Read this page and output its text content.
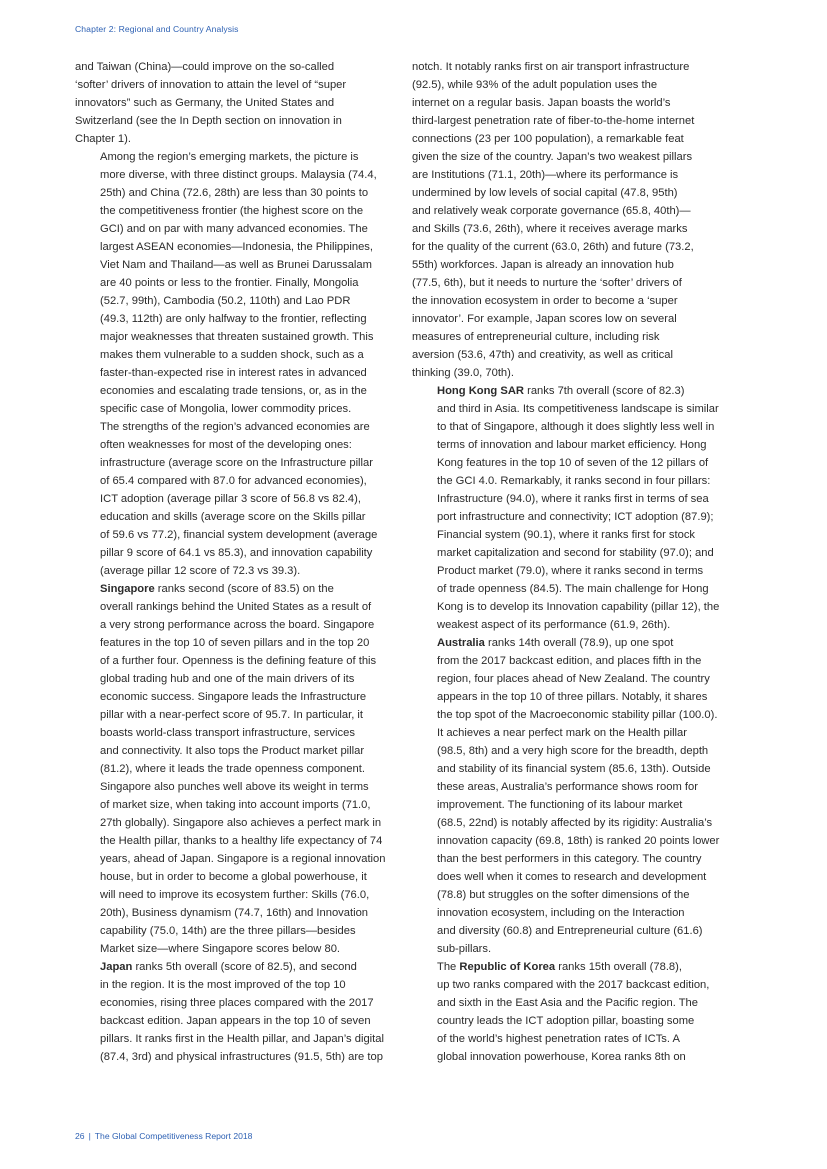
Chapter 2: Regional and Country Analysis

and Taiwan (China)—could improve on the so-called
‘softer’ drivers of innovation to attain the level of “super
innovators” such as Germany, the United States and
Switzerland (see the In Depth section on innovation in
Chapter 1).

Among the region’s emerging markets, the picture is
more diverse, with three distinct groups. Malaysia (74.4,
25th) and China (72.6, 28th) are less than 30 points to
the competitiveness frontier (the highest score on the
GCI) and on par with many advanced economies. The
largest ASEAN economies—Indonesia, the Philippines,
Viet Nam and Thailand—as well as Brunei Darussalam
are 40 points or less to the frontier. Finally, Mongolia
(52.7, 99th), Cambodia (50.2, 110th) and Lao PDR
(49.3, 112th) are only halfway to the frontier, reflecting
major weaknesses that threaten sustained growth. This
makes them vulnerable to a sudden shock, such as a
faster-than-expected rise in interest rates in advanced
economies and escalating trade tensions, or, as in the
specific case of Mongolia, lower commodity prices.
The strengths of the region’s advanced economies are
often weaknesses for most of the developing ones:
infrastructure (average score on the Infrastructure pillar
of 65.4 compared with 87.0 for advanced economies),
ICT adoption (average pillar 3 score of 56.8 vs 82.4),
education and skills (average score on the Skills pillar
of 59.6 vs 77.2), financial system development (average
pillar 9 score of 64.1 vs 85.3), and innovation capability
(average pillar 12 score of 72.3 vs 39.3).

Singapore ranks second (score of 83.5) on the
overall rankings behind the United States as a result of
a very strong performance across the board. Singapore
features in the top 10 of seven pillars and in the top 20
of a further four. Openness is the defining feature of this
global trading hub and one of the main drivers of its
economic success. Singapore leads the Infrastructure
pillar with a near-perfect score of 95.7. In particular, it
boasts world-class transport infrastructure, services
and connectivity. It also tops the Product market pillar
(81.2), where it leads the trade openness component.
Singapore also punches well above its weight in terms
of market size, when taking into account imports (71.0,
27th globally). Singapore also achieves a perfect mark in
the Health pillar, thanks to a healthy life expectancy of 74
years, ahead of Japan. Singapore is a regional innovation
house, but in order to become a global powerhouse, it
will need to improve its ecosystem further: Skills (76.0,
20th), Business dynamism (74.7, 16th) and Innovation
capability (75.0, 14th) are the three pillars—besides
Market size—where Singapore scores below 80.

Japan ranks 5th overall (score of 82.5), and second
in the region. It is the most improved of the top 10
economies, rising three places compared with the 2017
backcast edition. Japan appears in the top 10 of seven
pillars. It ranks first in the Health pillar, and Japan’s digital
(87.4, 3rd) and physical infrastructures (91.5, 5th) are top

notch. It notably ranks first on air transport infrastructure
(92.5), while 93% of the adult population uses the
internet on a regular basis. Japan boasts the world’s
third-largest penetration rate of fiber-to-the-home internet
connections (23 per 100 population), a remarkable feat
given the size of the country. Japan’s two weakest pillars
are Institutions (71.1, 20th)—where its performance is
undermined by low levels of social capital (47.8, 95th)
and relatively weak corporate governance (65.8, 40th)—
and Skills (73.6, 26th), where it receives average marks
for the quality of the current (63.0, 26th) and future (73.2,
55th) workforces. Japan is already an innovation hub
(77.5, 6th), but it needs to nurture the ‘softer’ drivers of
the innovation ecosystem in order to become a ‘super
innovator’. For example, Japan scores low on several
measures of entrepreneurial culture, including risk
aversion (53.6, 47th) and creativity, as well as critical
thinking (39.0, 70th).

Hong Kong SAR ranks 7th overall (score of 82.3)
and third in Asia. Its competitiveness landscape is similar
to that of Singapore, although it does slightly less well in
terms of innovation and labour market efficiency. Hong
Kong features in the top 10 of seven of the 12 pillars of
the GCI 4.0. Remarkably, it ranks second in four pillars:
Infrastructure (94.0), where it ranks first in terms of sea
port infrastructure and connectivity; ICT adoption (87.9);
Financial system (90.1), where it ranks first for stock
market capitalization and second for stability (97.0); and
Product market (79.0), where it ranks second in terms
of trade openness (84.5). The main challenge for Hong
Kong is to develop its Innovation capability (pillar 12), the
weakest aspect of its performance (61.9, 26th).

Australia ranks 14th overall (78.9), up one spot
from the 2017 backcast edition, and places fifth in the
region, four places ahead of New Zealand. The country
appears in the top 10 of three pillars. Notably, it shares
the top spot of the Macroeconomic stability pillar (100.0).
It achieves a near perfect mark on the Health pillar
(98.5, 8th) and a very high score for the breadth, depth
and stability of its financial system (85.6, 13th). Outside
these areas, Australia’s performance shows room for
improvement. The functioning of its labour market
(68.5, 22nd) is notably affected by its rigidity: Australia’s
innovation capacity (69.8, 18th) is ranked 20 points lower
than the best performers in this category. The country
does well when it comes to research and development
(78.8) but struggles on the softer dimensions of the
innovation ecosystem, including on the Interaction
and diversity (60.8) and Entrepreneurial culture (61.6)
sub-pillars.

The Republic of Korea ranks 15th overall (78.8),
up two ranks compared with the 2017 backcast edition,
and sixth in the East Asia and the Pacific region. The
country leads the ICT adoption pillar, boasting some
of the world’s highest penetration rates of ICTs. A
global innovation powerhouse, Korea ranks 8th on

26 | The Global Competitiveness Report 2018
